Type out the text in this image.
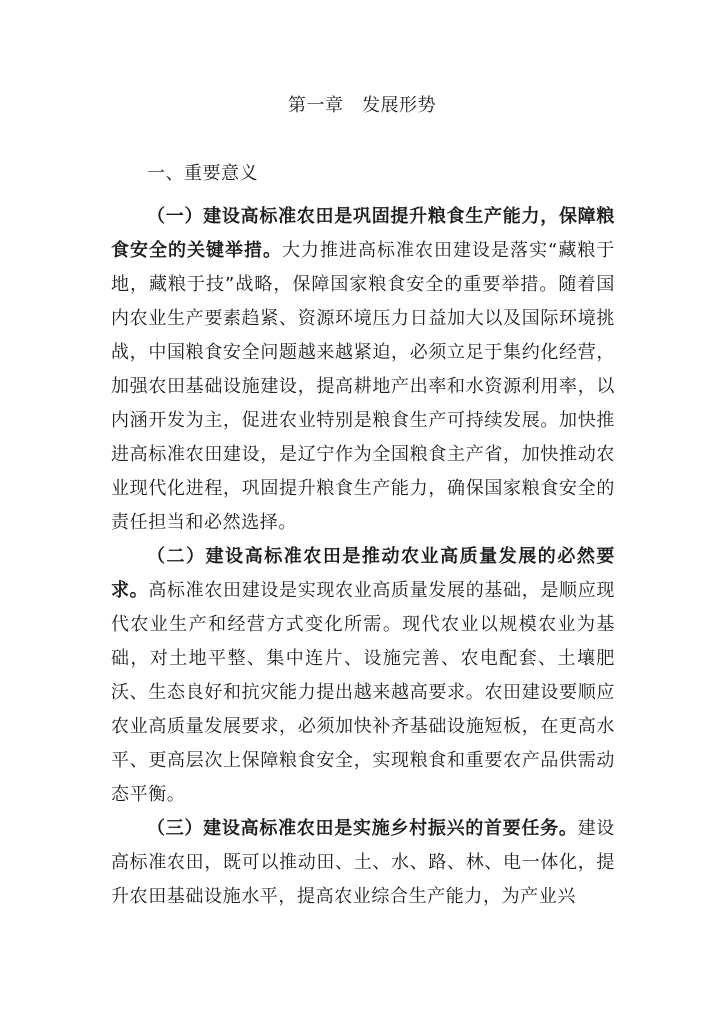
第一章　发展形势
一、重要意义

（一）建设高标准农田是巩固提升粮食生产能力，保障粮食安全的关键举措。大力推进高标准农田建设是落实“藏粮于地，藏粮于技”战略，保障国家粮食安全的重要举措。随着国内农业生产要素趋紧、资源环境压力日益加大以及国际环境挑战，中国粮食安全问题越来越紧迫，必须立足于集约化经营，加强农田基础设施建设，提高耕地产出率和水资源利用率，以内涵开发为主，促进农业特别是粮食生产可持续发展。加快推进高标准农田建设，是辽宁作为全国粮食主产省，加快推动农业现代化进程，巩固提升粮食生产能力，确保国家粮食安全的责任担当和必然选择。

（二）建设高标准农田是推动农业高质量发展的必然要求。高标准农田建设是实现农业高质量发展的基础，是顺应现代农业生产和经营方式变化所需。现代农业以规模农业为基础，对土地平整、集中连片、设施完善、农电配套、土壤肥沃、生态良好和抗灾能力提出越来越高要求。农田建设要顺应农业高质量发展要求，必须加快补齐基础设施短板，在更高水平、更高层次上保障粮食安全，实现粮食和重要农产品供需动态平衡。

（三）建设高标准农田是实施乡村振兴的首要任务。建设高标准农田，既可以推动田、土、水、路、林、电一体化，提升农田基础设施水平，提高农业综合生产能力，为产业兴
